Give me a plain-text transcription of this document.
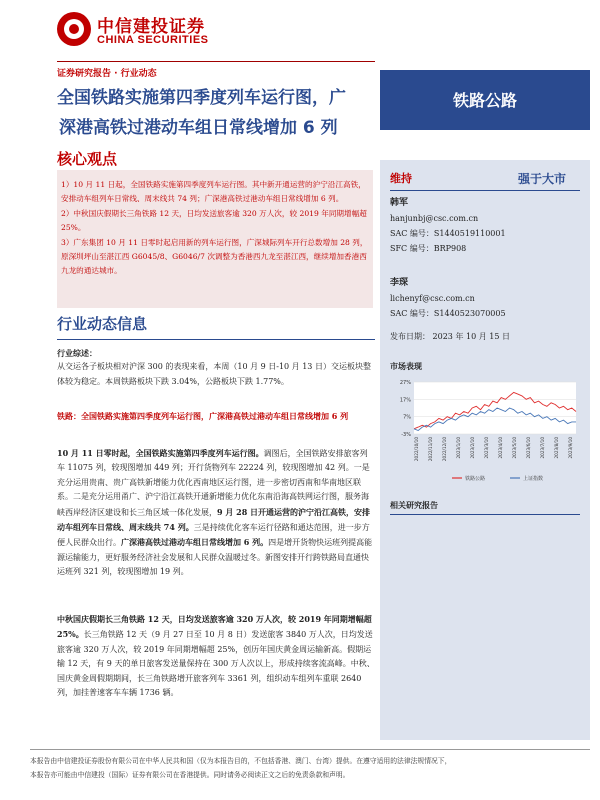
中信建投证券
CHINA SECURITIES
证券研究报告 · 行业动态
全国铁路实施第四季度列车运行图，广
深港高铁过港动车组日常线增加 6 列
核心观点

1）10 月 11 日起，全国铁路实施第四季度列车运行图。其中新开通运营的沪宁沿江高铁，安排动车组列车日常线、周末线共 74 列；广深港高铁过港动车组日常线增加 6 列。

2）中秋国庆假期长三角铁路 12 天，日均发送旅客逾 320 万人次，较 2019 年同期增幅超 25%。

3）广东集团 10 月 11 日零时起启用新的列车运行图，广深城际列车开行总数增加 28 列，原深圳坪山至湛江西 G6045/8、G6046/7 次调整为香港西九龙至湛江西，继续增加香港西九龙的通达城市。

行业动态信息

行业综述：

从交运各子板块相对沪深 300 的表现来看，本周（10 月 9 日-10 月 13 日）交运板块整体较为稳定。本周铁路板块下跌 3.04%，公路板块下跌 1.77%。

铁路：全国铁路实施第四季度列车运行图，广深港高铁过港动车组日常线增加 6 列

10 月 11 日零时起，全国铁路实施第四季度列车运行图。调图后，全国铁路安排旅客列车 11075 列，较现图增加 449 列；开行货物列车 22224 列，较现图增加 42 列。一是充分运用贵南、贵广高铁新增能力优化西南地区运行图，进一步密切西南和华南地区联系。二是充分运用甬广、沪宁沿江高铁开通新增能力优化东南沿海高铁网运行图，服务海峡西岸经济区建设和长三角区域一体化发展，9 月 28 日开通运营的沪宁沿江高铁，安排动车组列车日常线、周末线共 74 列。三是持续优化客车运行径路和通达范围，进一步方便人民群众出行。广深港高铁过港动车组日常线增加 6 列。四是增开货物快运班列提高能源运输能力，更好服务经济社会发展和人民群众温暖过冬。新图安排开行跨铁路局直通快运班列 321 列，较现图增加 19 列。

中秋国庆假期长三角铁路 12 天，日均发送旅客逾 320 万人次，较 2019 年同期增幅超 25%。长三角铁路 12 天（9 月 27 日至 10 月 8 日）发送旅客 3840 万人次，日均发送旅客逾 320 万人次，较 2019 年同期增幅超 25%，创历年国庆黄金周运输新高。假期运输 12 天，有 9 天的单日旅客发送量保持在 300 万人次以上，形成持续客流高峰。中秋、国庆黄金周假期期间，长三角铁路增开旅客列车 3361 列，组织动车组列车重联 2640 列，加挂普速客车车辆 1736 辆。

铁路公路
维持	强于大市

韩军

hanjunbj@csc.com.cn

SAC 编号：S1440519110001

SFC 编号：BRP908

李琛

lichenyf@csc.com.cn

SAC 编号：S1440523070005

发布日期： 2023 年 10 月 15 日
市场表现
27%
17%
7%
-3%
2022/10/10 2022/11/10 2022/12/10 2023/1/10 2023/2/10 2023/3/10 2023/4/10 2023/5/10 2023/6/10 2023/7/10 2023/8/10 2023/9/10
铁路公路	上证指数
相关研究报告

本报告由中信建投证券股份有限公司在中华人民共和国（仅为本报告目的，不包括香港、澳门、台湾）提供。在遵守适用的法律法规情况下，

本报告亦可能由中信建投（国际）证券有限公司在香港提供。同时请务必阅读正文之后的免责条款和声明。
